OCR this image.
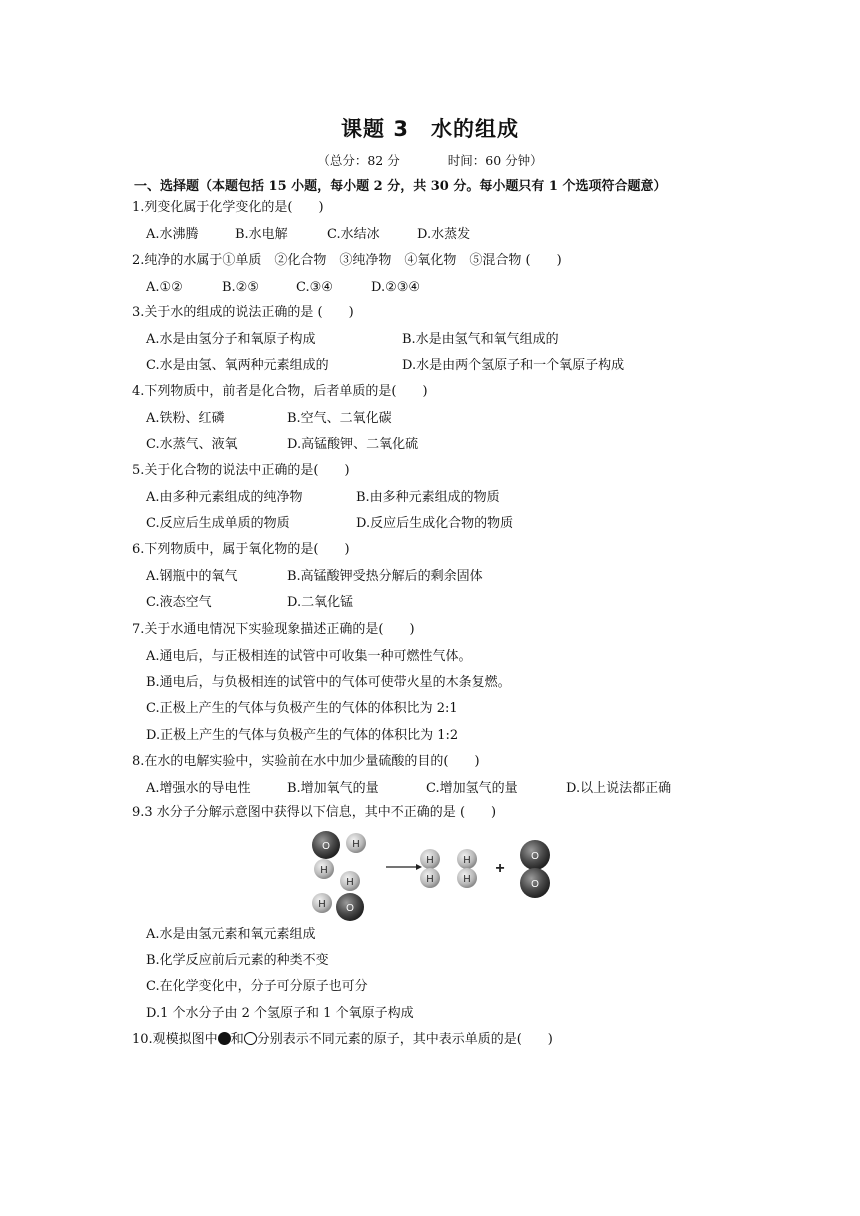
课题 3 水的组成
（总分：82 分	时间：60 分钟）
一、选择题（本题包括 15 小题，每小题 2 分，共 30 分。每小题只有 1 个选项符合题意）
1.列变化属于化学变化的是(　　)
A.水沸腾	B.水电解	C.水结冰	D.水蒸发
2.纯净的水属于①单质　②化合物　③纯净物　④氧化物　⑤混合物 (　　)
A.①②	B.②⑤	C.③④	D.②③④
3.关于水的组成的说法正确的是 (　　)
A.水是由氢分子和氧原子构成	B.水是由氢气和氧气组成的
C.水是由氢、氧两种元素组成的	D.水是由两个氢原子和一个氧原子构成
4.下列物质中，前者是化合物，后者单质的是(　　)
A.铁粉、红磷	B.空气、二氧化碳
C.水蒸气、液氧	D.高锰酸钾、二氧化硫
5.关于化合物的说法中正确的是(　　)
A.由多种元素组成的纯净物	B.由多种元素组成的物质
C.反应后生成单质的物质	D.反应后生成化合物的物质
6.下列物质中，属于氧化物的是(　　)
A.钢瓶中的氧气	B.高锰酸钾受热分解后的剩余固体
C.液态空气	D.二氧化锰
7.关于水通电情况下实验现象描述正确的是(　　)
A.通电后，与正极相连的试管中可收集一种可燃性气体。
B.通电后，与负极相连的试管中的气体可使带火星的木条复燃。
C.正极上产生的气体与负极产生的气体的体积比为 2:1
D.正极上产生的气体与负极产生的气体的体积比为 1:2
8.在水的电解实验中，实验前在水中加少量硫酸的目的(　　)
A.增强水的导电性	B.增加氧气的量	C.增加氢气的量	D.以上说法都正确
9.3 水分子分解示意图中获得以下信息，其中不正确的是 (　　)
O H
H
H
H O
H
H
H
H
+
O
O
A.水是由氢元素和氧元素组成
B.化学反应前后元素的种类不变
C.在化学变化中，分子可分原子也可分
D.1 个水分子由 2 个氢原子和 1 个氧原子构成
10.观模拟图中 和 分别表示不同元素的原子，其中表示单质的是(　　)
